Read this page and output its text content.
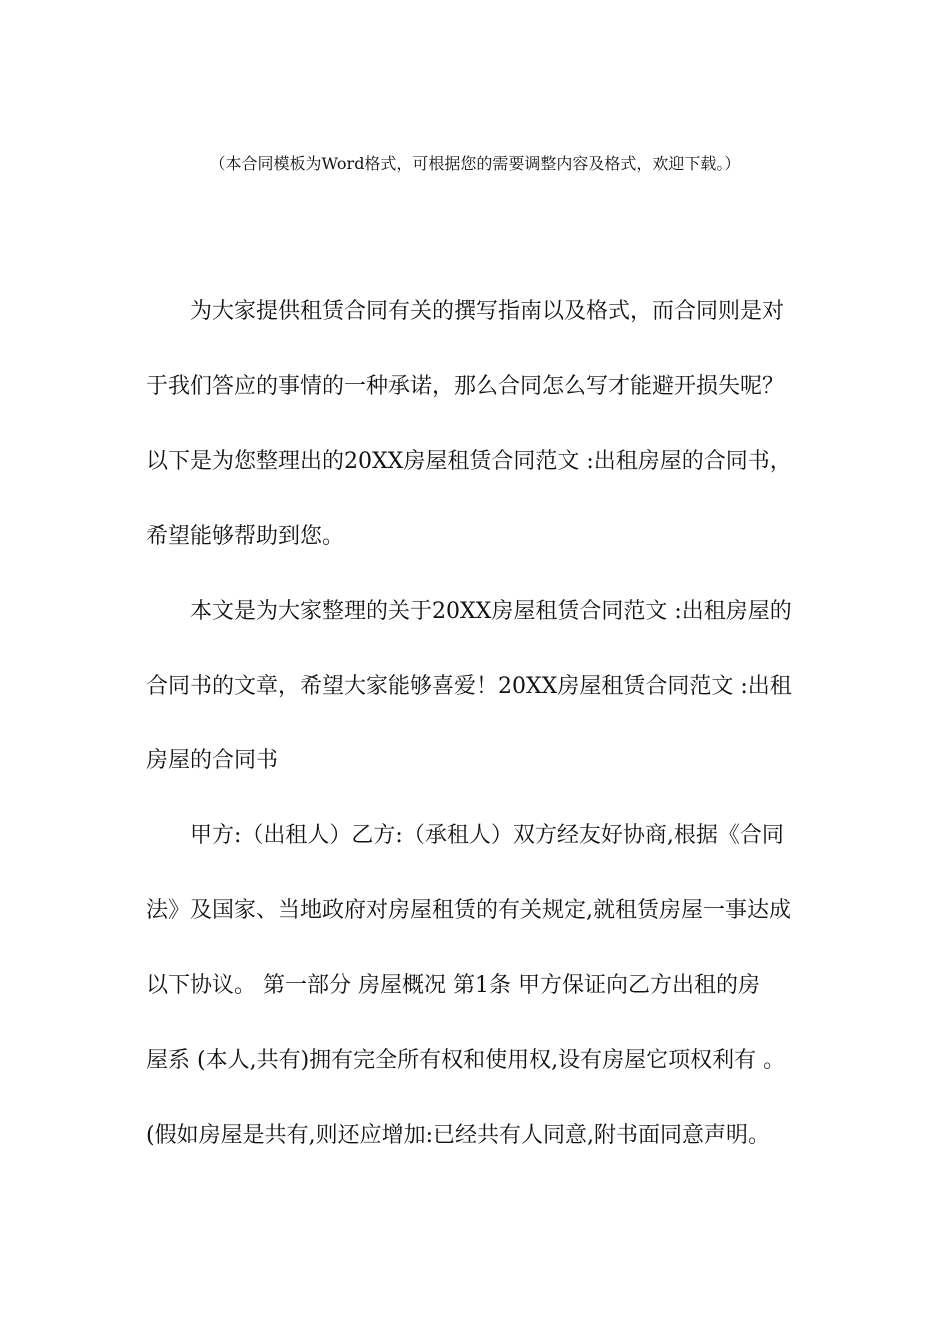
（本合同模板为Word格式，可根据您的需要调整内容及格式，欢迎下载。）
为大家提供租赁合同有关的撰写指南以及格式，而合同则是对
于我们答应的事情的一种承诺，那么合同怎么写才能避开损失呢？
以下是为您整理出的20XX房屋租赁合同范文 :出租房屋的合同书，
希望能够帮助到您。
本文是为大家整理的关于20XX房屋租赁合同范文 :出租房屋的
合同书的文章，希望大家能够喜爱！20XX房屋租赁合同范文 :出租
房屋的合同书
甲方:（出租人）乙方:（承租人）双方经友好协商,根据《合同
法》及国家、当地政府对房屋租赁的有关规定,就租赁房屋一事达成
以下协议。 第一部分 房屋概况 第1条 甲方保证向乙方出租的房
屋系 (本人,共有)拥有完全所有权和使用权,设有房屋它项权利有 。
(假如房屋是共有,则还应增加:已经共有人同意,附书面同意声明。
